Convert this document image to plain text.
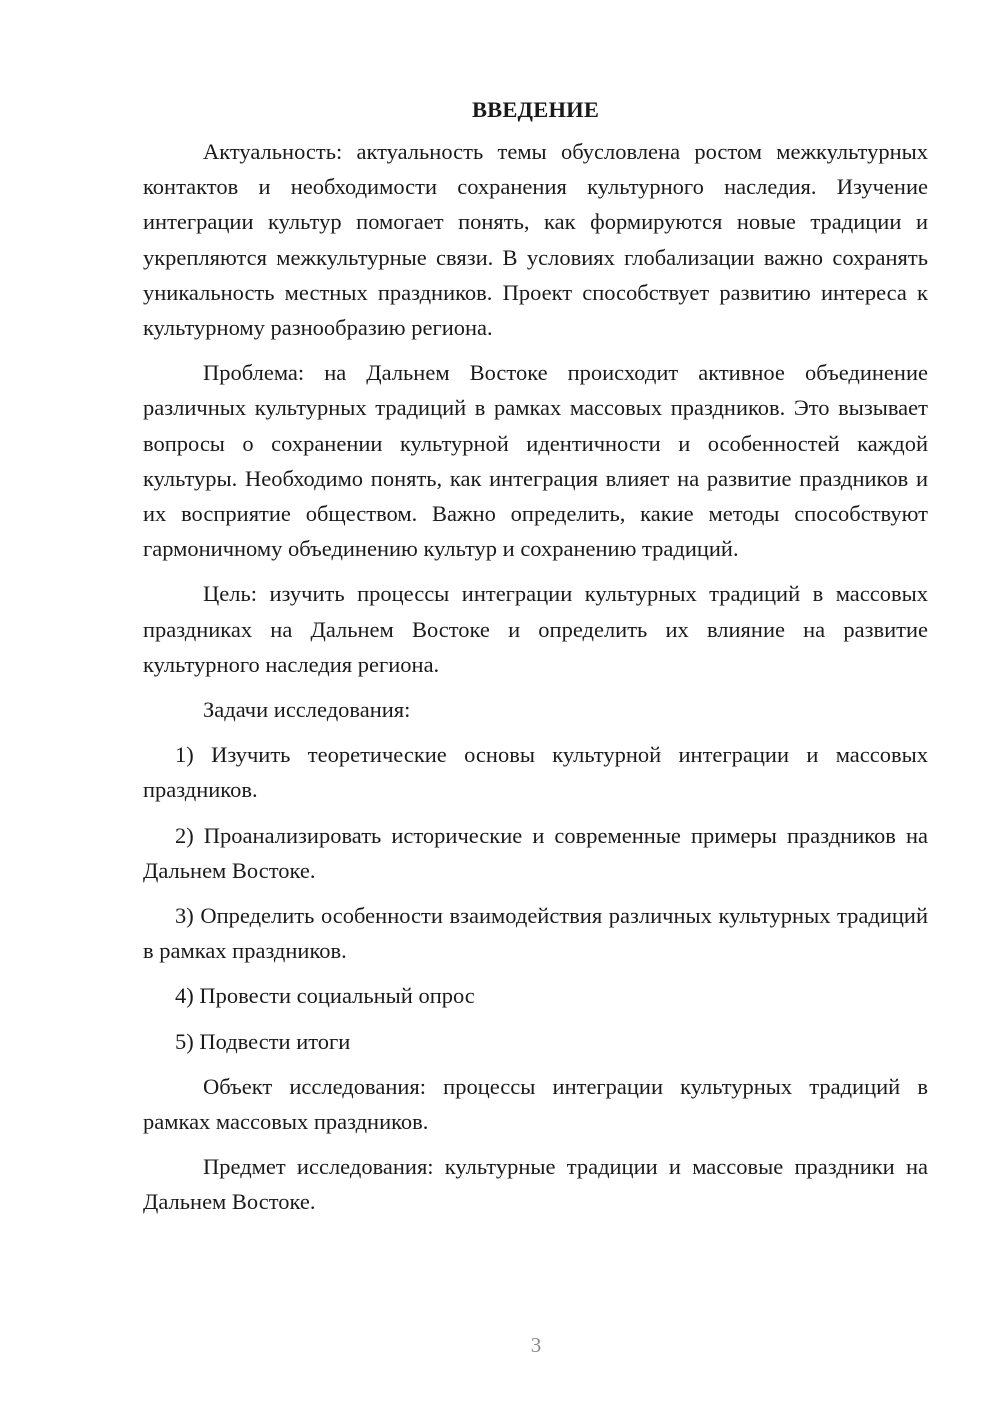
ВВЕДЕНИЕ

Актуальность: актуальность темы обусловлена ростом межкультурных контактов и необходимости сохранения культурного наследия. Изучение интеграции культур помогает понять, как формируются новые традиции и укрепляются межкультурные связи. В условиях глобализации важно сохранять уникальность местных праздников. Проект способствует развитию интереса к культурному разнообразию региона.

Проблема: на Дальнем Востоке происходит активное объединение различных культурных традиций в рамках массовых праздников. Это вызывает вопросы о сохранении культурной идентичности и особенностей каждой культуры. Необходимо понять, как интеграция влияет на развитие праздников и их восприятие обществом. Важно определить, какие методы способствуют гармоничному объединению культур и сохранению традиций.

Цель: изучить процессы интеграции культурных традиций в массовых праздниках на Дальнем Востоке и определить их влияние на развитие культурного наследия региона.

Задачи исследования:

1) Изучить теоретические основы культурной интеграции и массовых праздников.

2) Проанализировать исторические и современные примеры праздников на Дальнем Востоке.

3) Определить особенности взаимодействия различных культурных традиций в рамках праздников.

4) Провести социальный опрос

5) Подвести итоги

Объект исследования: процессы интеграции культурных традиций в рамках массовых праздников.

Предмет исследования: культурные традиции и массовые праздники на Дальнем Востоке.

3
